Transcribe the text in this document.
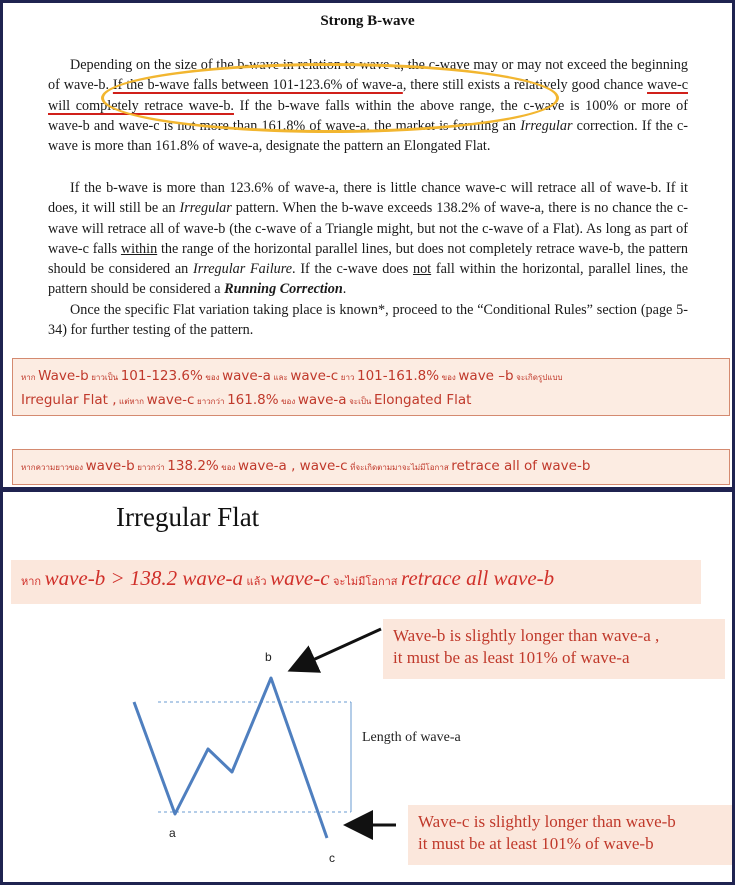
Strong B-wave
Depending on the size of the b-wave in relation to wave-a, the c-wave may or may not exceed the beginning of wave-b. If the b-wave falls between 101-123.6% of wave-a, there still exists a relatively good chance wave-c will completely retrace wave-b. If the b-wave falls within the above range, the c-wave is 100% or more of wave-b and wave-c is not more than 161.8% of wave-a, the market is forming an Irregular correction. If the c-wave is more than 161.8% of wave-a, designate the pattern an Elongated Flat.
If the b-wave is more than 123.6% of wave-a, there is little chance wave-c will retrace all of wave-b. If it does, it will still be an Irregular pattern. When the b-wave exceeds 138.2% of wave-a, there is no chance the c-wave will retrace all of wave-b (the c-wave of a Triangle might, but not the c-wave of a Flat). As long as part of wave-c falls within the range of the horizontal parallel lines, but does not completely retrace wave-b, the pattern should be considered an Irregular Failure. If the c-wave does not fall within the horizontal, parallel lines, the pattern should be considered a Running Correction.
Once the specific Flat variation taking place is known*, proceed to the “Conditional Rules” section (page 5-34) for further testing of the pattern.
หาก Wave-b ยาวเป็น 101-123.6% ของ wave-a และ wave-c ยาว 101-161.8% ของ wave –b จะเกิดรูปแบบ
Irregular Flat , แต่หาก wave-c ยาวกว่า 161.8% ของ wave-a จะเป็น Elongated Flat
หากความยาวของ wave-b ยาวกว่า 138.2% ของ wave-a , wave-c ที่จะเกิดตามมาจะไม่มีโอกาส retrace all of wave-b
Irregular Flat
หาก wave-b > 138.2 wave-a แล้ว wave-c จะไม่มีโอกาส retrace all wave-b
Wave-b is slightly longer than wave-a ,
it must be as least 101% of wave-a
Wave-c is slightly longer than wave-b
it must be at least 101% of wave-b
b
a
c
Length of wave-a
